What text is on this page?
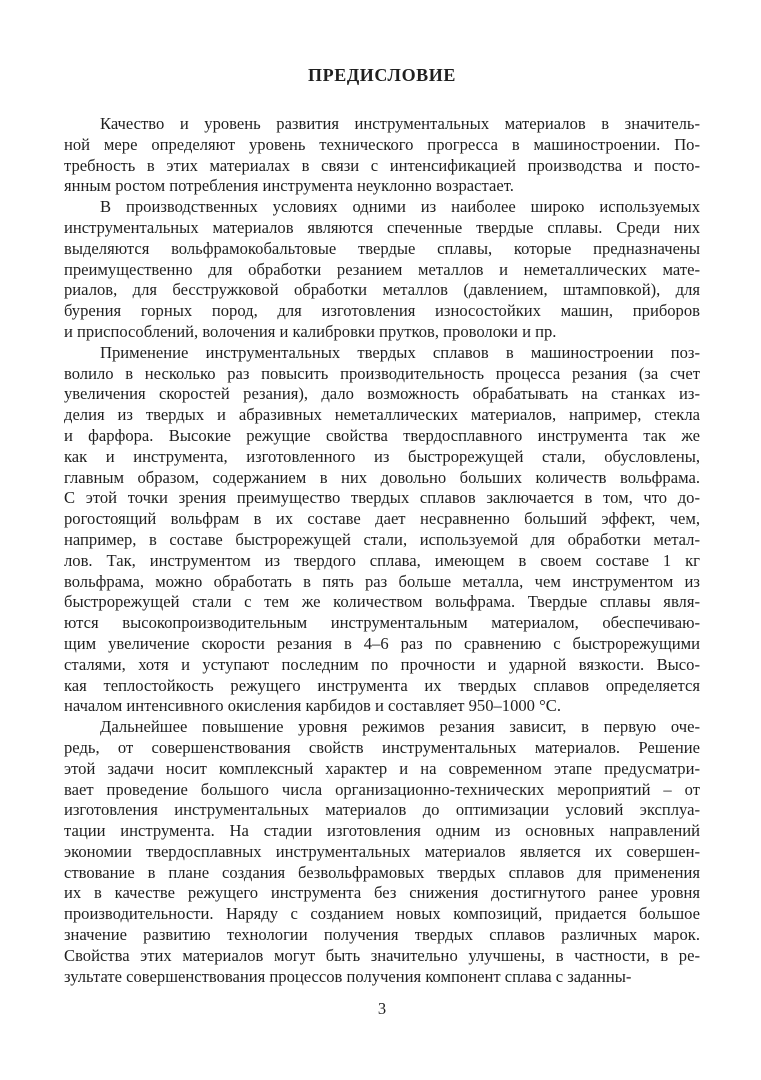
ПРЕДИСЛОВИЕ
Качество и уровень развития инструментальных материалов в значитель-
ной мере определяют уровень технического прогресса в машиностроении. По-
требность в этих материалах в связи с интенсификацией производства и посто-
янным ростом потребления инструмента неуклонно возрастает.
В производственных условиях одними из наиболее широко используемых
инструментальных материалов являются спеченные твердые сплавы. Среди них
выделяются вольфрамокобальтовые твердые сплавы, которые предназначены
преимущественно для обработки резанием металлов и неметаллических мате-
риалов, для бесстружковой обработки металлов (давлением, штамповкой), для
бурения горных пород, для изготовления износостойких машин, приборов
и приспособлений, волочения и калибровки прутков, проволоки и пр.
Применение инструментальных твердых сплавов в машиностроении поз-
волило в несколько раз повысить производительность процесса резания (за счет
увеличения скоростей резания), дало возможность обрабатывать на станках из-
делия из твердых и абразивных неметаллических материалов, например, стекла
и фарфора. Высокие режущие свойства твердосплавного инструмента так же
как и инструмента, изготовленного из быстрорежущей стали, обусловлены,
главным образом, содержанием в них довольно больших количеств вольфрама.
С этой точки зрения преимущество твердых сплавов заключается в том, что до-
рогостоящий вольфрам в их составе дает несравненно больший эффект, чем,
например, в составе быстрорежущей стали, используемой для обработки метал-
лов. Так, инструментом из твердого сплава, имеющем в своем составе 1 кг
вольфрама, можно обработать в пять раз больше металла, чем инструментом из
быстрорежущей стали с тем же количеством вольфрама. Твердые сплавы явля-
ются высокопроизводительным инструментальным материалом, обеспечиваю-
щим увеличение скорости резания в 4–6 раз по сравнению с быстрорежущими
сталями, хотя и уступают последним по прочности и ударной вязкости. Высо-
кая теплостойкость режущего инструмента их твердых сплавов определяется
началом интенсивного окисления карбидов и составляет 950–1000 °С.
Дальнейшее повышение уровня режимов резания зависит, в первую оче-
редь, от совершенствования свойств инструментальных материалов. Решение
этой задачи носит комплексный характер и на современном этапе предусматри-
вает проведение большого числа организационно-технических мероприятий – от
изготовления инструментальных материалов до оптимизации условий эксплуа-
тации инструмента. На стадии изготовления одним из основных направлений
экономии твердосплавных инструментальных материалов является их совершен-
ствование в плане создания безвольфрамовых твердых сплавов для применения
их в качестве режущего инструмента без снижения достигнутого ранее уровня
производительности. Наряду с созданием новых композиций, придается большое
значение развитию технологии получения твердых сплавов различных марок.
Свойства этих материалов могут быть значительно улучшены, в частности, в ре-
зультате совершенствования процессов получения компонент сплава с заданны-
3
